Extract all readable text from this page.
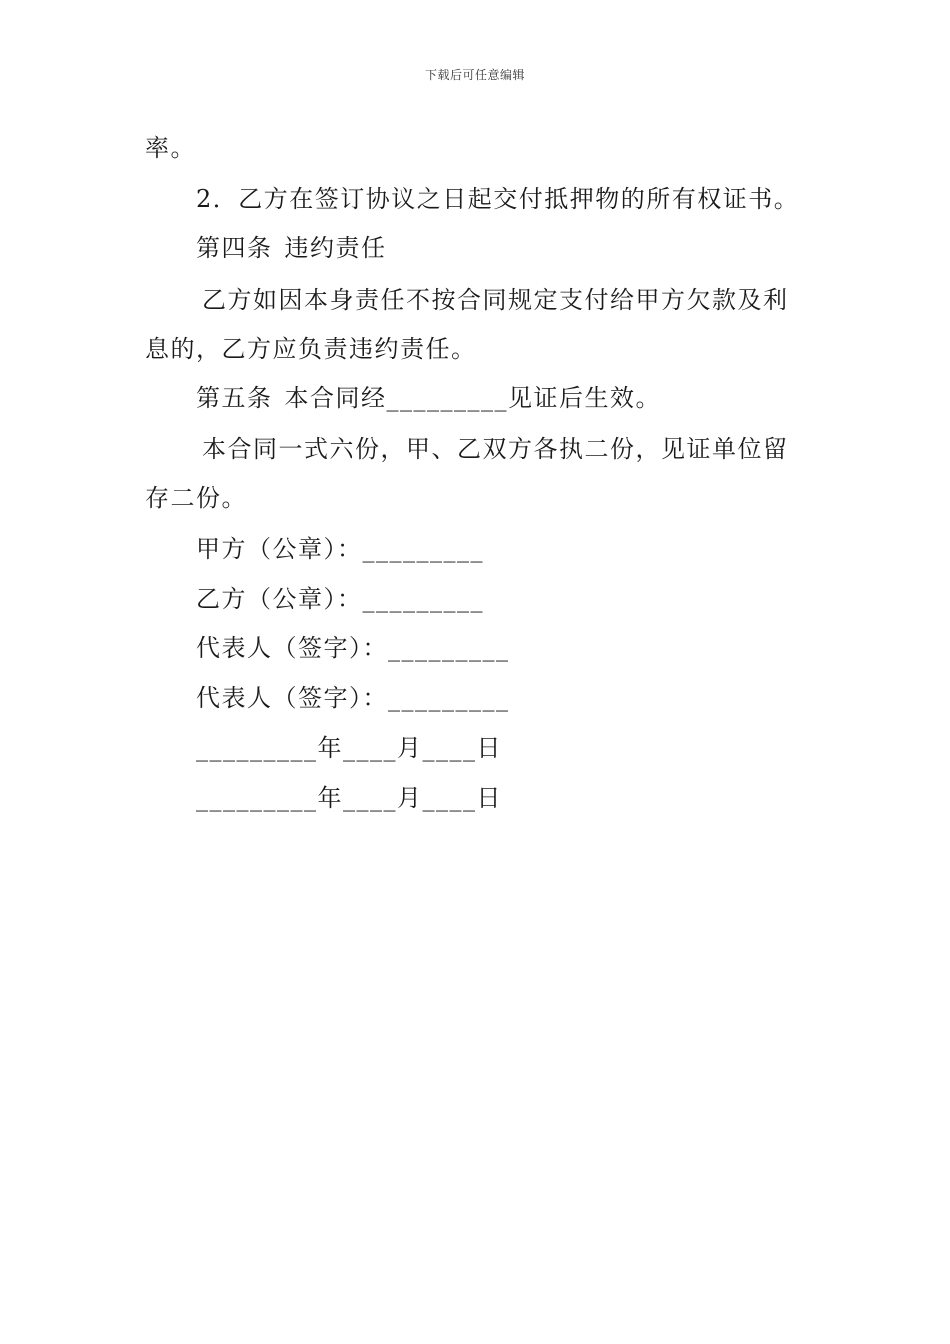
下载后可任意编辑
率。
2．乙方在签订协议之日起交付抵押物的所有权证书。
第四条 违约责任
乙方如因本身责任不按合同规定支付给甲方欠款及利
息的，乙方应负责违约责任。
第五条 本合同经_________见证后生效。
本合同一式六份，甲、乙双方各执二份，见证单位留
存二份。
甲方（公章）：_________
乙方（公章）：_________
代表人（签字）：_________
代表人（签字）：_________
_________年____月____日
_________年____月____日
